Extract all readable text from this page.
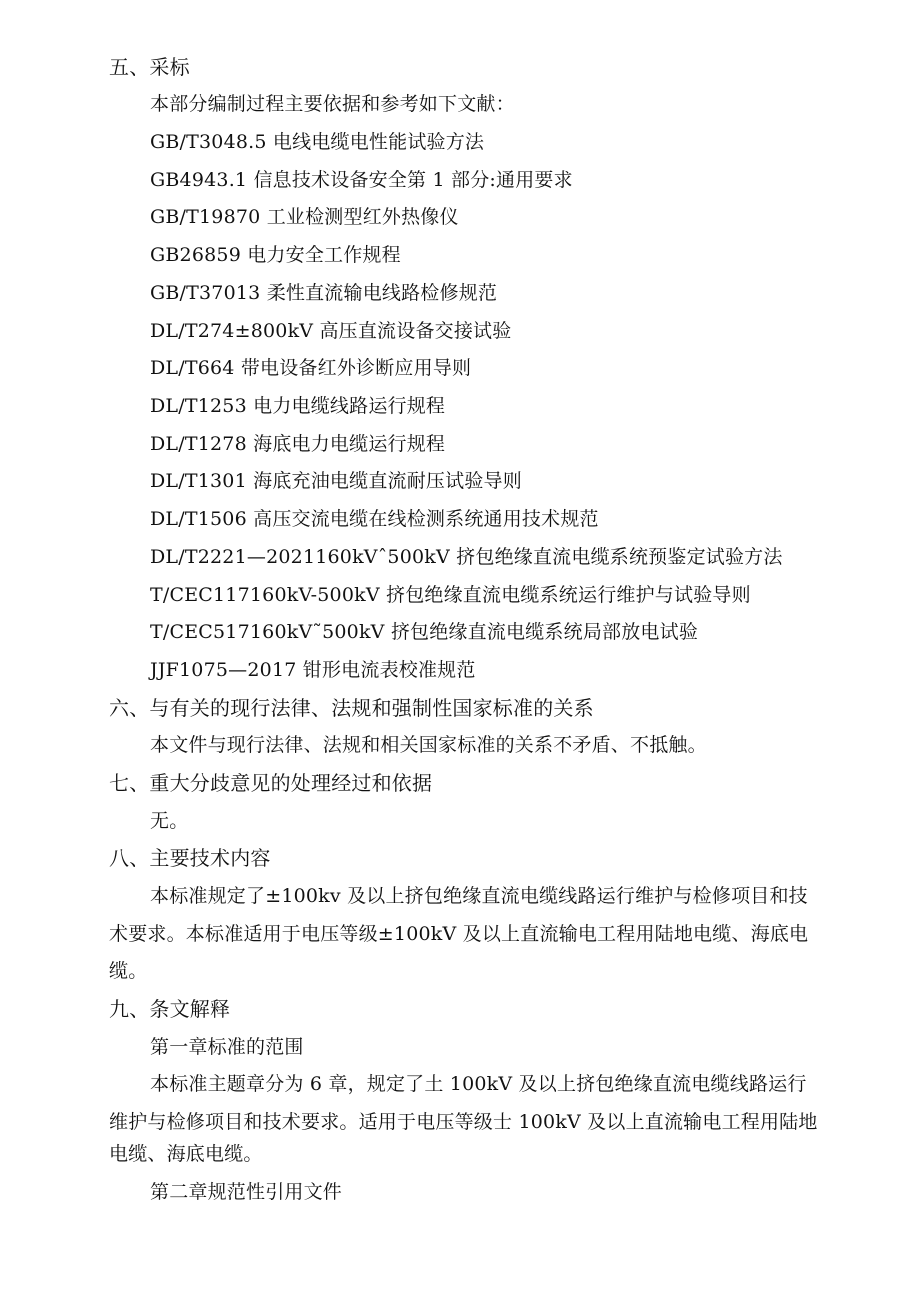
五、采标
本部分编制过程主要依据和参考如下文献：
GB/T3048.5 电线电缆电性能试验方法
GB4943.1 信息技术设备安全第 1 部分:通用要求
GB/T19870 工业检测型红外热像仪
GB26859 电力安全工作规程
GB/T37013 柔性直流输电线路检修规范
DL/T274±800kV 高压直流设备交接试验
DL/T664 带电设备红外诊断应用导则
DL/T1253 电力电缆线路运行规程
DL/T1278 海底电力电缆运行规程
DL/T1301 海底充油电缆直流耐压试验导则
DL/T1506 高压交流电缆在线检测系统通用技术规范
DL/T2221—2021160kVˆ500kV 挤包绝缘直流电缆系统预鉴定试验方法
T/CEC117160kV-500kV 挤包绝缘直流电缆系统运行维护与试验导则
T/CEC517160kV˜500kV 挤包绝缘直流电缆系统局部放电试验
JJF1075—2017 钳形电流表校准规范
六、与有关的现行法律、法规和强制性国家标准的关系
本文件与现行法律、法规和相关国家标准的关系不矛盾、不抵触。
七、重大分歧意见的处理经过和依据
无。
八、主要技术内容
本标准规定了±100kv 及以上挤包绝缘直流电缆线路运行维护与检修项目和技
术要求。本标准适用于电压等级±100kV 及以上直流输电工程用陆地电缆、海底电
缆。
九、条文解释
第一章标准的范围
本标准主题章分为 6 章，规定了土 100kV 及以上挤包绝缘直流电缆线路运行
维护与检修项目和技术要求。适用于电压等级士 100kV 及以上直流输电工程用陆地
电缆、海底电缆。
第二章规范性引用文件
